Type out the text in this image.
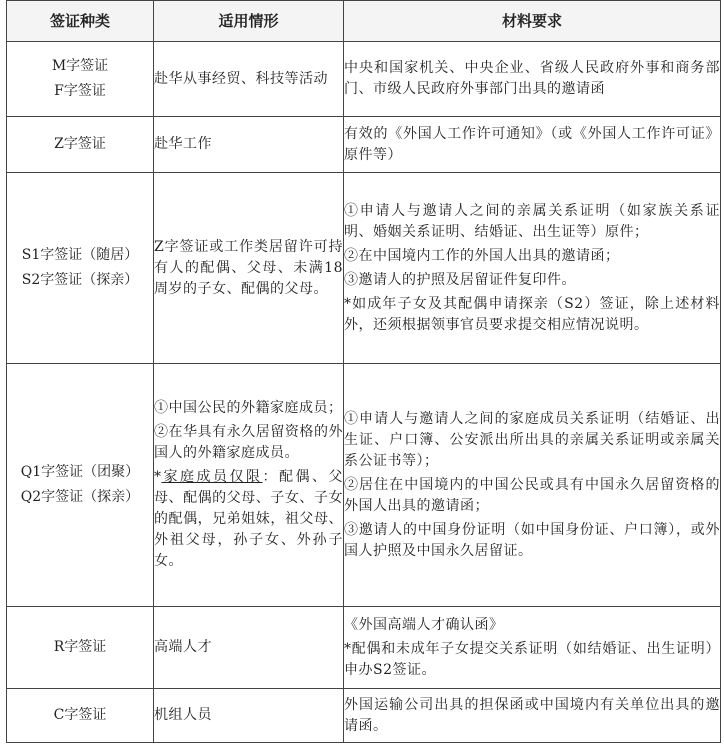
签证种类	适用情形	材料要求

M字签证
F字签证	赴华从事经贸、科技等活动	中央和国家机关、中央企业、省级人民政府外事和商务部门、市级人民政府外事部门出具的邀请函

Z字签证	赴华工作	有效的《外国人工作许可通知》（或《外国人工作许可证》原件等）

S1字签证（随居）
S2字签证（探亲）	Z字签证或工作类居留许可持有人的配偶、父母、未满18周岁的子女、配偶的父母。	①申请人与邀请人之间的亲属关系证明（如家族关系证明、婚姻关系证明、结婚证、出生证等）原件；
②在中国境内工作的外国人出具的邀请函；
③邀请人的护照及居留证件复印件。
*如成年子女及其配偶申请探亲（S2）签证，除上述材料外，还须根据领事官员要求提交相应情况说明。

Q1字签证（团聚）
Q2字签证（探亲）	①中国公民的外籍家庭成员；
②在华具有永久居留资格的外国人的外籍家庭成员。
*家庭成员仅限：配偶、父母、配偶的父母、子女、子女的配偶，兄弟姐妹，祖父母、外祖父母，孙子女、外孙子女。	①申请人与邀请人之间的家庭成员关系证明（结婚证、出生证、户口簿、公安派出所出具的亲属关系证明或亲属关系公证书等）；
②居住在中国境内的中国公民或具有中国永久居留资格的外国人出具的邀请函；
③邀请人的中国身份证明（如中国身份证、户口簿），或外国人护照及中国永久居留证。

R字签证	高端人才	《外国高端人才确认函》
*配偶和未成年子女提交关系证明（如结婚证、出生证明）申办S2签证。

C字签证	机组人员	外国运输公司出具的担保函或中国境内有关单位出具的邀请函。
